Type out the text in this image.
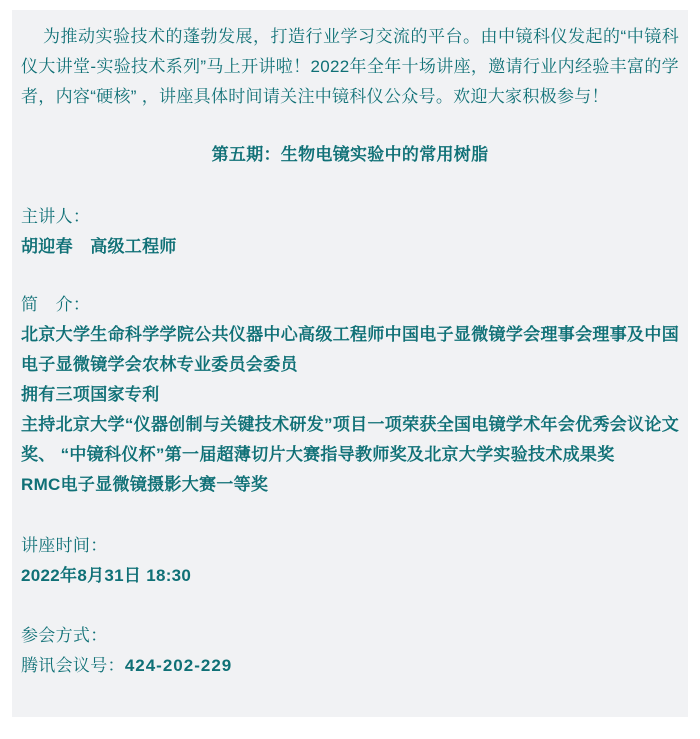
为推动实验技术的蓬勃发展，打造行业学习交流的平台。由中镜科仪发起的“中镜科仪大讲堂-实验技术系列”马上开讲啦！2022年全年十场讲座，邀请行业内经验丰富的学者，内容“硬核” ，讲座具体时间请关注中镜科仪公众号。欢迎大家积极参与！

第五期：生物电镜实验中的常用树脂

主讲人：

胡迎春　高级工程师

简　介：

北京大学生命科学学院公共仪器中心高级工程师中国电子显微镜学会理事会理事及中国电子显微镜学会农林专业委员会委员

拥有三项国家专利

主持北京大学“仪器创制与关键技术研发”项目一项荣获全国电镜学术年会优秀会议论文奖、 “中镜科仪杯”第一届超薄切片大赛指导教师奖及北京大学实验技术成果奖

RMC电子显微镜摄影大赛一等奖

讲座时间：

2022年8月31日 18:30

参会方式：

腾讯会议号：424-202-229
